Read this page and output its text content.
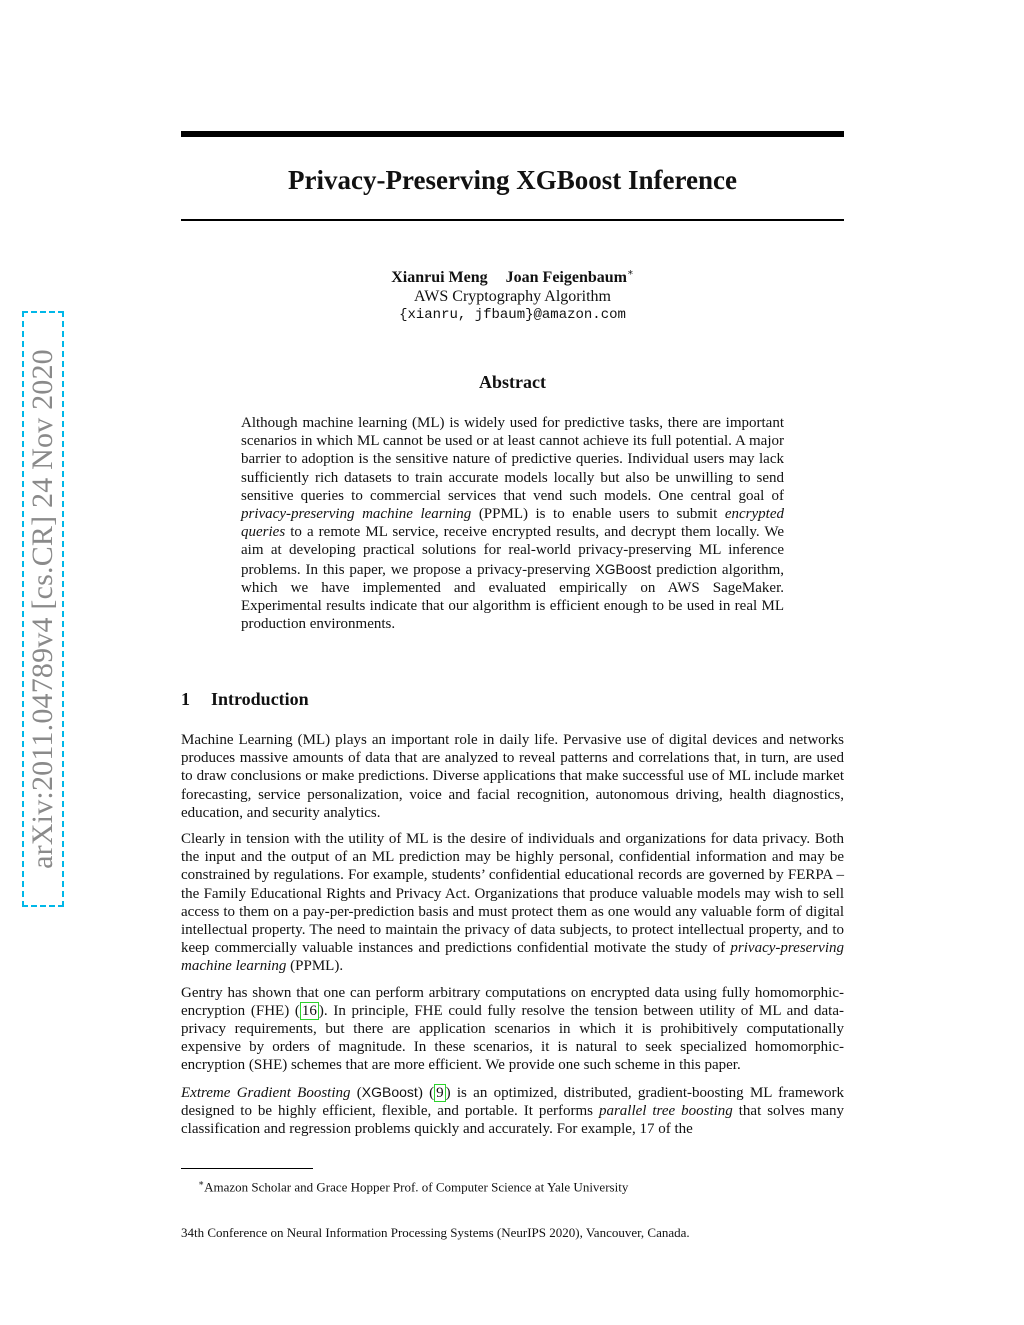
arXiv:2011.04789v4 [cs.CR] 24 Nov 2020
Privacy-Preserving XGBoost Inference
Xianrui Meng Joan Feigenbaum∗
AWS Cryptography Algorithm
{xianru, jfbaum}@amazon.com
Abstract

Although machine learning (ML) is widely used for predictive tasks, there are important scenarios in which ML cannot be used or at least cannot achieve its full potential. A major barrier to adoption is the sensitive nature of predictive queries. Individual users may lack sufficiently rich datasets to train accurate models locally but also be unwilling to send sensitive queries to commercial services that vend such models. One central goal of privacy-preserving machine learning (PPML) is to enable users to submit encrypted queries to a remote ML service, receive encrypted results, and decrypt them locally. We aim at developing practical solutions for real-world privacy-preserving ML inference problems. In this paper, we propose a privacy-preserving XGBoost prediction algorithm, which we have implemented and evaluated empirically on AWS SageMaker. Experimental results indicate that our algorithm is efficient enough to be used in real ML production environments.

1 Introduction

Machine Learning (ML) plays an important role in daily life. Pervasive use of digital devices and networks produces massive amounts of data that are analyzed to reveal patterns and correlations that, in turn, are used to draw conclusions or make predictions. Diverse applications that make successful use of ML include market forecasting, service personalization, voice and facial recognition, autonomous driving, health diagnostics, education, and security analytics.

Clearly in tension with the utility of ML is the desire of individuals and organizations for data privacy. Both the input and the output of an ML prediction may be highly personal, confidential information and may be constrained by regulations. For example, students’ confidential educational records are governed by FERPA – the Family Educational Rights and Privacy Act. Organizations that produce valuable models may wish to sell access to them on a pay-per-prediction basis and must protect them as one would any valuable form of digital intellectual property. The need to maintain the privacy of data subjects, to protect intellectual property, and to keep commercially valuable instances and predictions confidential motivate the study of privacy-preserving machine learning (PPML).

Gentry has shown that one can perform arbitrary computations on encrypted data using fully homomorphic-encryption (FHE) ( 16 ). In principle, FHE could fully resolve the tension between utility of ML and data-privacy requirements, but there are application scenarios in which it is prohibitively computationally expensive by orders of magnitude. In these scenarios, it is natural to seek specialized homomorphic-encryption (SHE) schemes that are more efficient. We provide one such scheme in this paper.

Extreme Gradient Boosting (XGBoost) ( 9 ) is an optimized, distributed, gradient-boosting ML framework designed to be highly efficient, flexible, and portable. It performs parallel tree boosting that solves many classification and regression problems quickly and accurately. For example, 17 of the

∗Amazon Scholar and Grace Hopper Prof. of Computer Science at Yale University
34th Conference on Neural Information Processing Systems (NeurIPS 2020), Vancouver, Canada.
